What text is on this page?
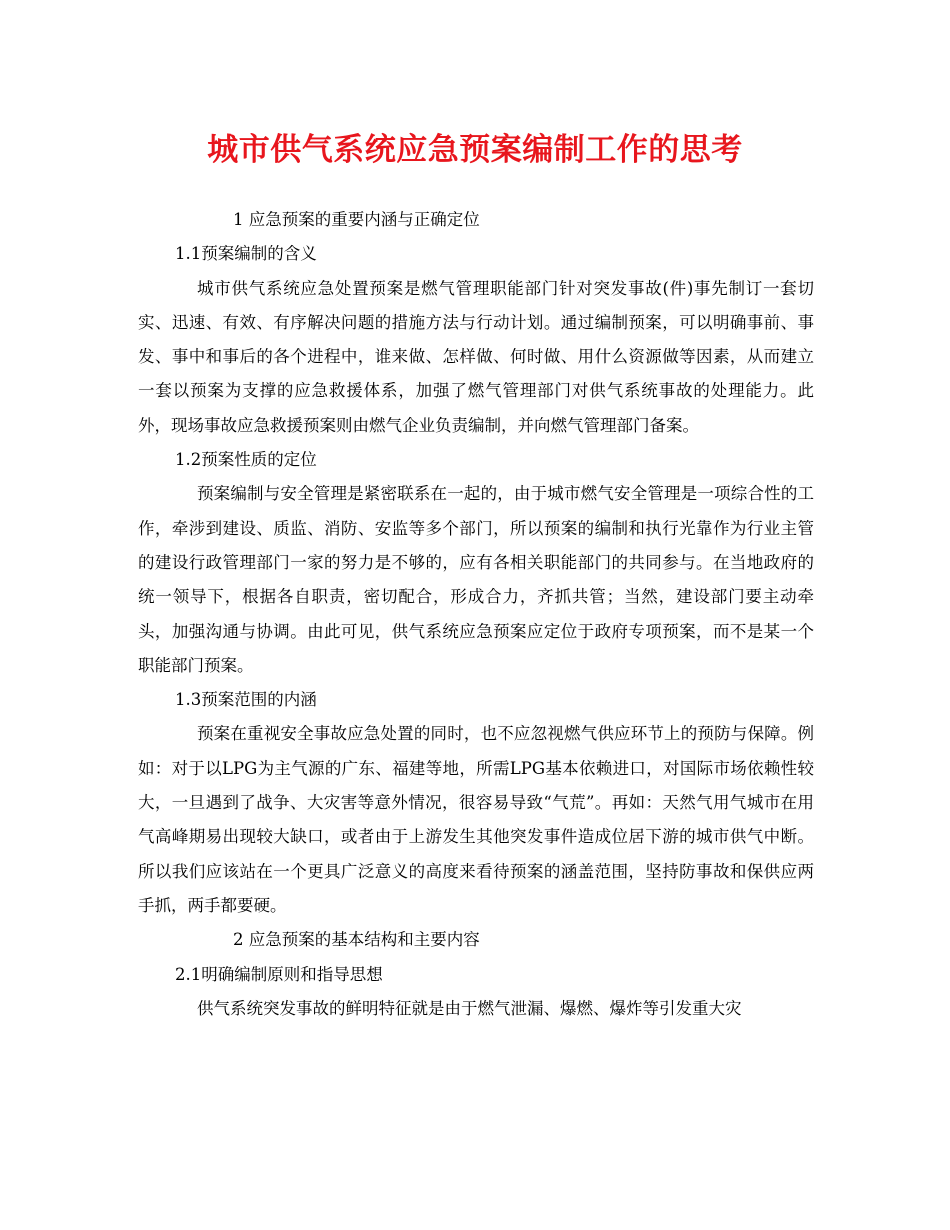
城市供气系统应急预案编制工作的思考

1 应急预案的重要内涵与正确定位

1.1预案编制的含义

城市供气系统应急处置预案是燃气管理职能部门针对突发事故(件)事先制订一套切实、迅速、有效、有序解决问题的措施方法与行动计划。通过编制预案，可以明确事前、事发、事中和事后的各个进程中，谁来做、怎样做、何时做、用什么资源做等因素，从而建立一套以预案为支撑的应急救援体系，加强了燃气管理部门对供气系统事故的处理能力。此外，现场事故应急救援预案则由燃气企业负责编制，并向燃气管理部门备案。

1.2预案性质的定位

预案编制与安全管理是紧密联系在一起的，由于城市燃气安全管理是一项综合性的工作，牵涉到建设、质监、消防、安监等多个部门，所以预案的编制和执行光靠作为行业主管的建设行政管理部门一家的努力是不够的，应有各相关职能部门的共同参与。在当地政府的统一领导下，根据各自职责，密切配合，形成合力，齐抓共管；当然，建设部门要主动牵头，加强沟通与协调。由此可见，供气系统应急预案应定位于政府专项预案，而不是某一个职能部门预案。

1.3预案范围的内涵

预案在重视安全事故应急处置的同时，也不应忽视燃气供应环节上的预防与保障。例如：对于以LPG为主气源的广东、福建等地，所需LPG基本依赖进口，对国际市场依赖性较大，一旦遇到了战争、大灾害等意外情况，很容易导致“气荒”。再如：天然气用气城市在用气高峰期易出现较大缺口，或者由于上游发生其他突发事件造成位居下游的城市供气中断。所以我们应该站在一个更具广泛意义的高度来看待预案的涵盖范围，坚持防事故和保供应两手抓，两手都要硬。

2 应急预案的基本结构和主要内容

2.1明确编制原则和指导思想

供气系统突发事故的鲜明特征就是由于燃气泄漏、爆燃、爆炸等引发重大灾
